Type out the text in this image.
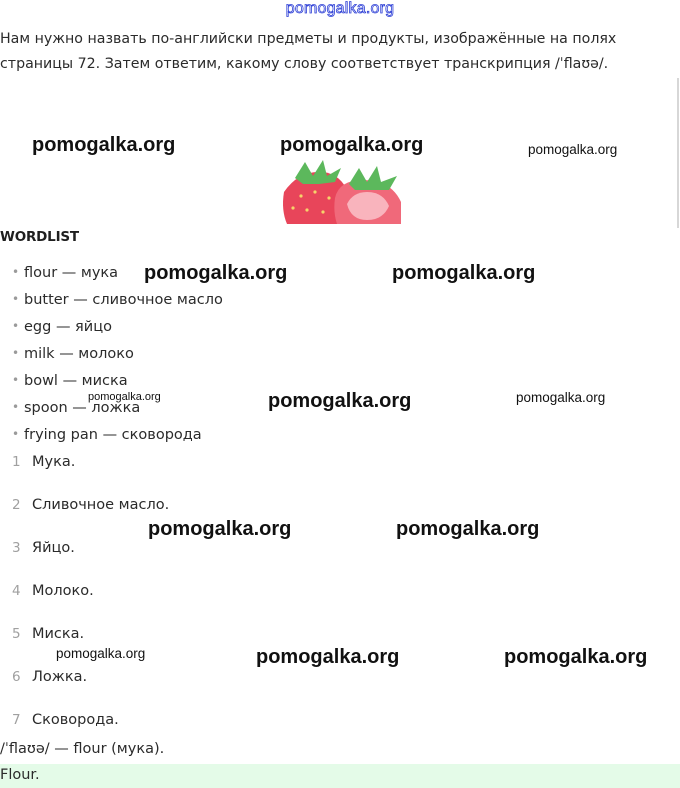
pomogalka.org
Нам нужно назвать по-английски предметы и продукты, изображённые на полях страницы 72. Затем ответим, какому слову соответствует транскрипция /ˈflaʊə/.
pomogalka.org	pomogalka.org	pomogalka.org
WORDLIST
• flour — мука
• butter — сливочное масло
• egg — яйцо
• milk — молоко
• bowl — миска
• spoon — ложка
• frying pan — сковорода
pomogalka.org	pomogalka.org
pomogalka.org	pomogalka.org	pomogalka.org
1 Мука.
2 Сливочное масло.
3 Яйцо.
4 Молоко.
5 Миска.
6 Ложка.
7 Сковорода.
pomogalka.org	pomogalka.org
pomogalka.org	pomogalka.org	pomogalka.org
/ˈflaʊə/ — flour (мука).
Flour.
